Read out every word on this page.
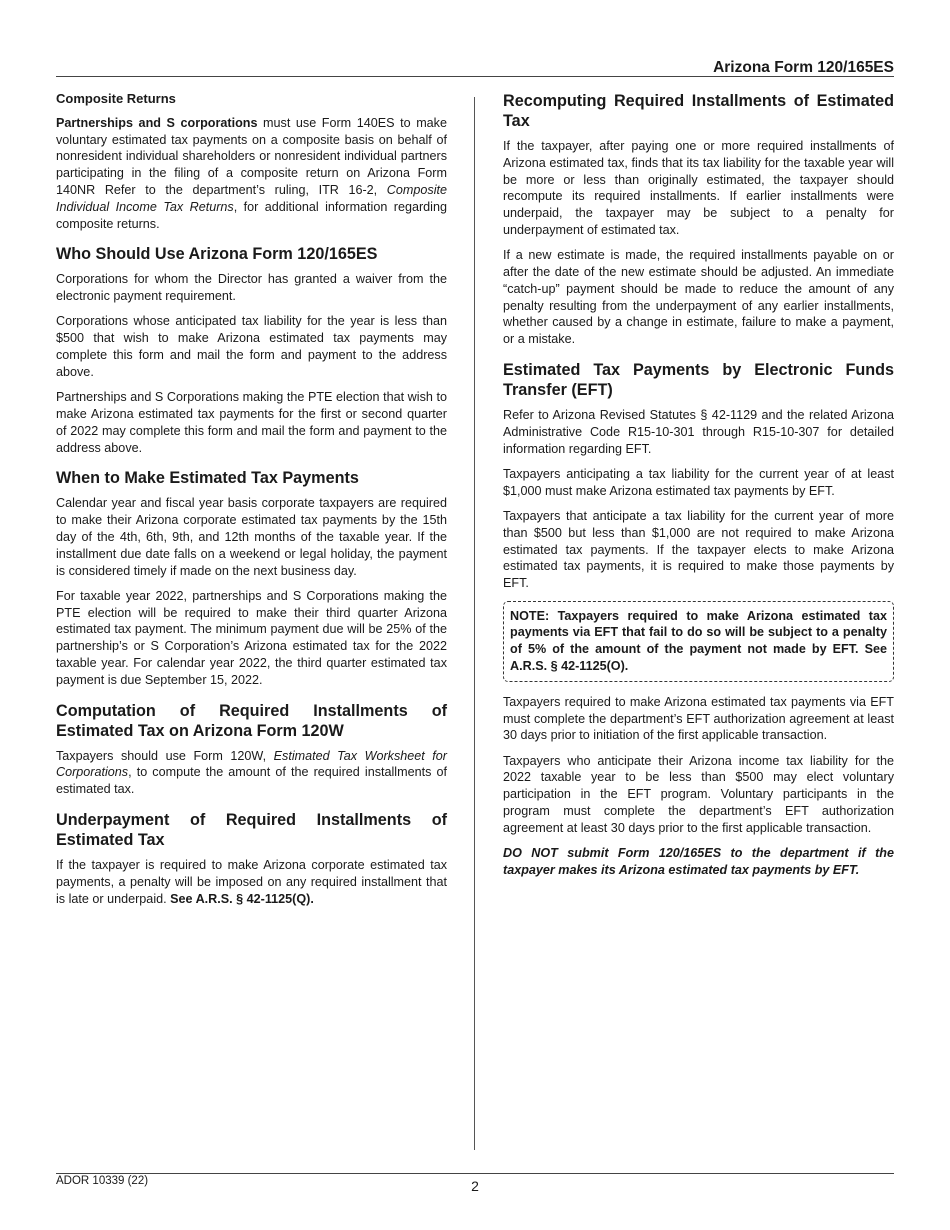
Arizona Form 120/165ES
Composite Returns

Partnerships and S corporations must use Form 140ES to make voluntary estimated tax payments on a composite basis on behalf of nonresident individual shareholders or nonresident individual partners participating in the filing of a composite return on Arizona Form 140NR Refer to the department’s ruling, ITR 16-2, Composite Individual Income Tax Returns, for additional information regarding composite returns.

Who Should Use Arizona Form 120/165ES

Corporations for whom the Director has granted a waiver from the electronic payment requirement.

Corporations whose anticipated tax liability for the year is less than $500 that wish to make Arizona estimated tax payments may complete this form and mail the form and payment to the address above.

Partnerships and S Corporations making the PTE election that wish to make Arizona estimated tax payments for the first or second quarter of 2022 may complete this form and mail the form and payment to the address above.

When to Make Estimated Tax Payments

Calendar year and fiscal year basis corporate taxpayers are required to make their Arizona corporate estimated tax payments by the 15th day of the 4th, 6th, 9th, and 12th months of the taxable year. If the installment due date falls on a weekend or legal holiday, the payment is considered timely if made on the next business day.

For taxable year 2022, partnerships and S Corporations making the PTE election will be required to make their third quarter Arizona estimated tax payment. The minimum payment due will be 25% of the partnership’s or S Corporation’s Arizona estimated tax for the 2022 taxable year. For calendar year 2022, the third quarter estimated tax payment is due September 15, 2022.

Computation of Required Installments of Estimated Tax on Arizona Form 120W

Taxpayers should use Form 120W, Estimated Tax Worksheet for Corporations, to compute the amount of the required installments of estimated tax.

Underpayment of Required Installments of Estimated Tax

If the taxpayer is required to make Arizona corporate estimated tax payments, a penalty will be imposed on any required installment that is late or underpaid. See A.R.S. § 42-1125(Q).

Recomputing Required Installments of Estimated Tax

If the taxpayer, after paying one or more required installments of Arizona estimated tax, finds that its tax liability for the taxable year will be more or less than originally estimated, the taxpayer should recompute its required installments. If earlier installments were underpaid, the taxpayer may be subject to a penalty for underpayment of estimated tax.

If a new estimate is made, the required installments payable on or after the date of the new estimate should be adjusted. An immediate “catch-up” payment should be made to reduce the amount of any penalty resulting from the underpayment of any earlier installments, whether caused by a change in estimate, failure to make a payment, or a mistake.

Estimated Tax Payments by Electronic Funds Transfer (EFT)

Refer to Arizona Revised Statutes § 42-1129 and the related Arizona Administrative Code R15-10-301 through R15-10-307 for detailed information regarding EFT.

Taxpayers anticipating a tax liability for the current year of at least $1,000 must make Arizona estimated tax payments by EFT.

Taxpayers that anticipate a tax liability for the current year of more than $500 but less than $1,000 are not required to make Arizona estimated tax payments. If the taxpayer elects to make Arizona estimated tax payments, it is required to make those payments by EFT.

NOTE: Taxpayers required to make Arizona estimated tax payments via EFT that fail to do so will be subject to a penalty of 5% of the amount of the payment not made by EFT. See A.R.S. § 42-1125(O).

Taxpayers required to make Arizona estimated tax payments via EFT must complete the department’s EFT authorization agreement at least 30 days prior to initiation of the first applicable transaction.

Taxpayers who anticipate their Arizona income tax liability for the 2022 taxable year to be less than $500 may elect voluntary participation in the EFT program. Voluntary participants in the program must complete the department’s EFT authorization agreement at least 30 days prior to the first applicable transaction.

DO NOT submit Form 120/165ES to the department if the taxpayer makes its Arizona estimated tax payments by EFT.

ADOR 10339 (22)	2
